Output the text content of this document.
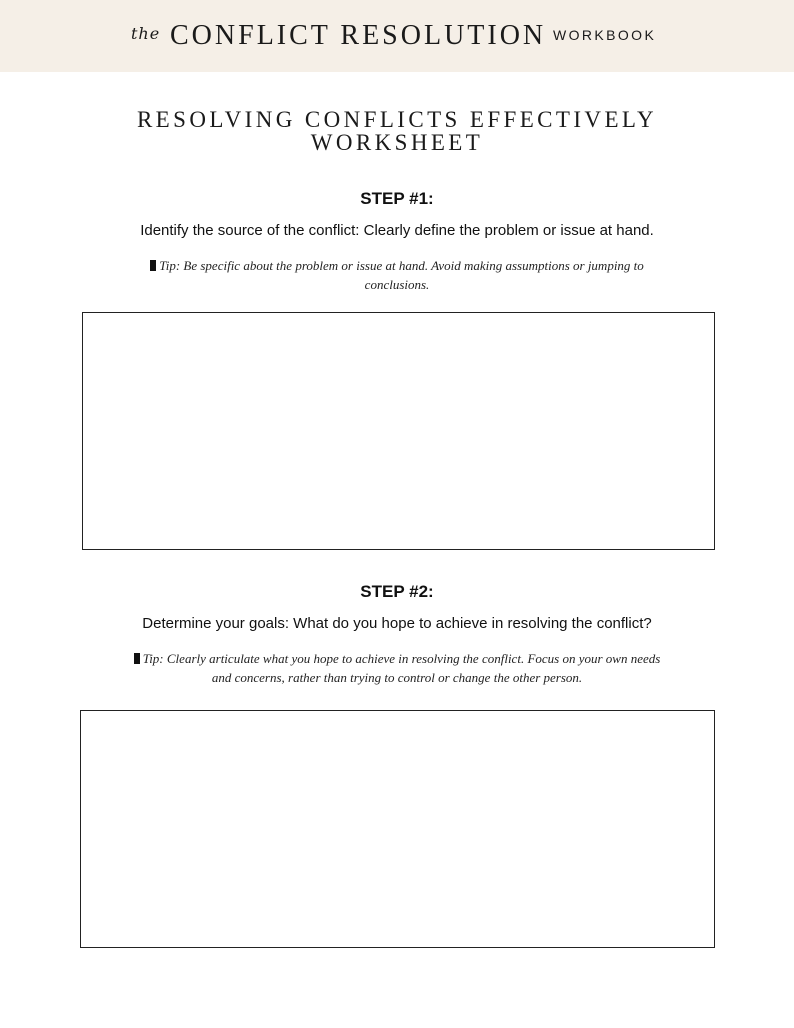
the CONFLICT RESOLUTION WORKBOOK
RESOLVING CONFLICTS EFFECTIVELY
WORKSHEET
STEP #1:
Identify the source of the conflict: Clearly define the problem or issue at hand.
Tip: Be specific about the problem or issue at hand. Avoid making assumptions or jumping to
conclusions.
STEP #2:
Determine your goals: What do you hope to achieve in resolving the conflict?
Tip: Clearly articulate what you hope to achieve in resolving the conflict. Focus on your own needs
and concerns, rather than trying to control or change the other person.
